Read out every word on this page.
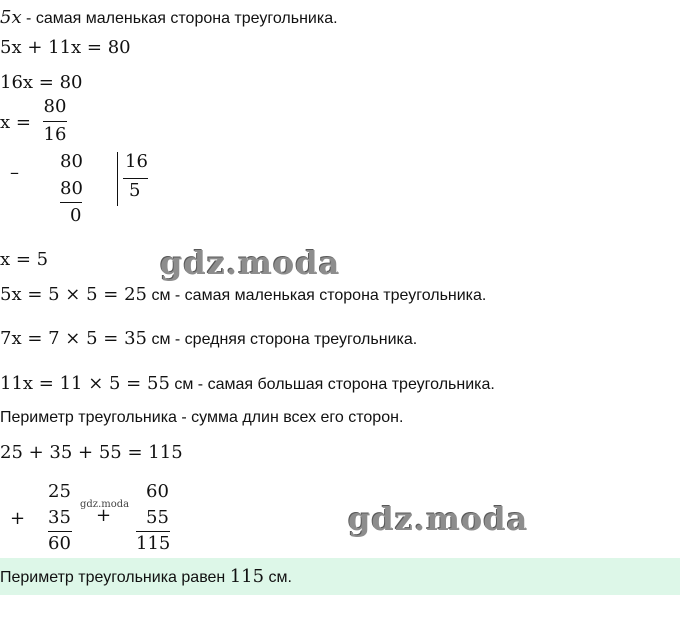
5x - самая маленькая сторона треугольника.
5x + 11x = 80
16x = 80
x =
80
16
–
80
80
0
16
5
x = 5	gdz.moda
5x = 5 × 5 = 25 см - самая маленькая сторона треугольника.
7x = 7 × 5 = 35 см - средняя сторона треугольника.
11x = 11 × 5 = 55 см - самая большая сторона треугольника.
Периметр треугольника - сумма длин всех его сторон.
25 + 35 + 55 = 115
+
25
35
60
gdz.moda
+
60
55
115
gdz.moda
Периметр треугольника равен 115 см.
